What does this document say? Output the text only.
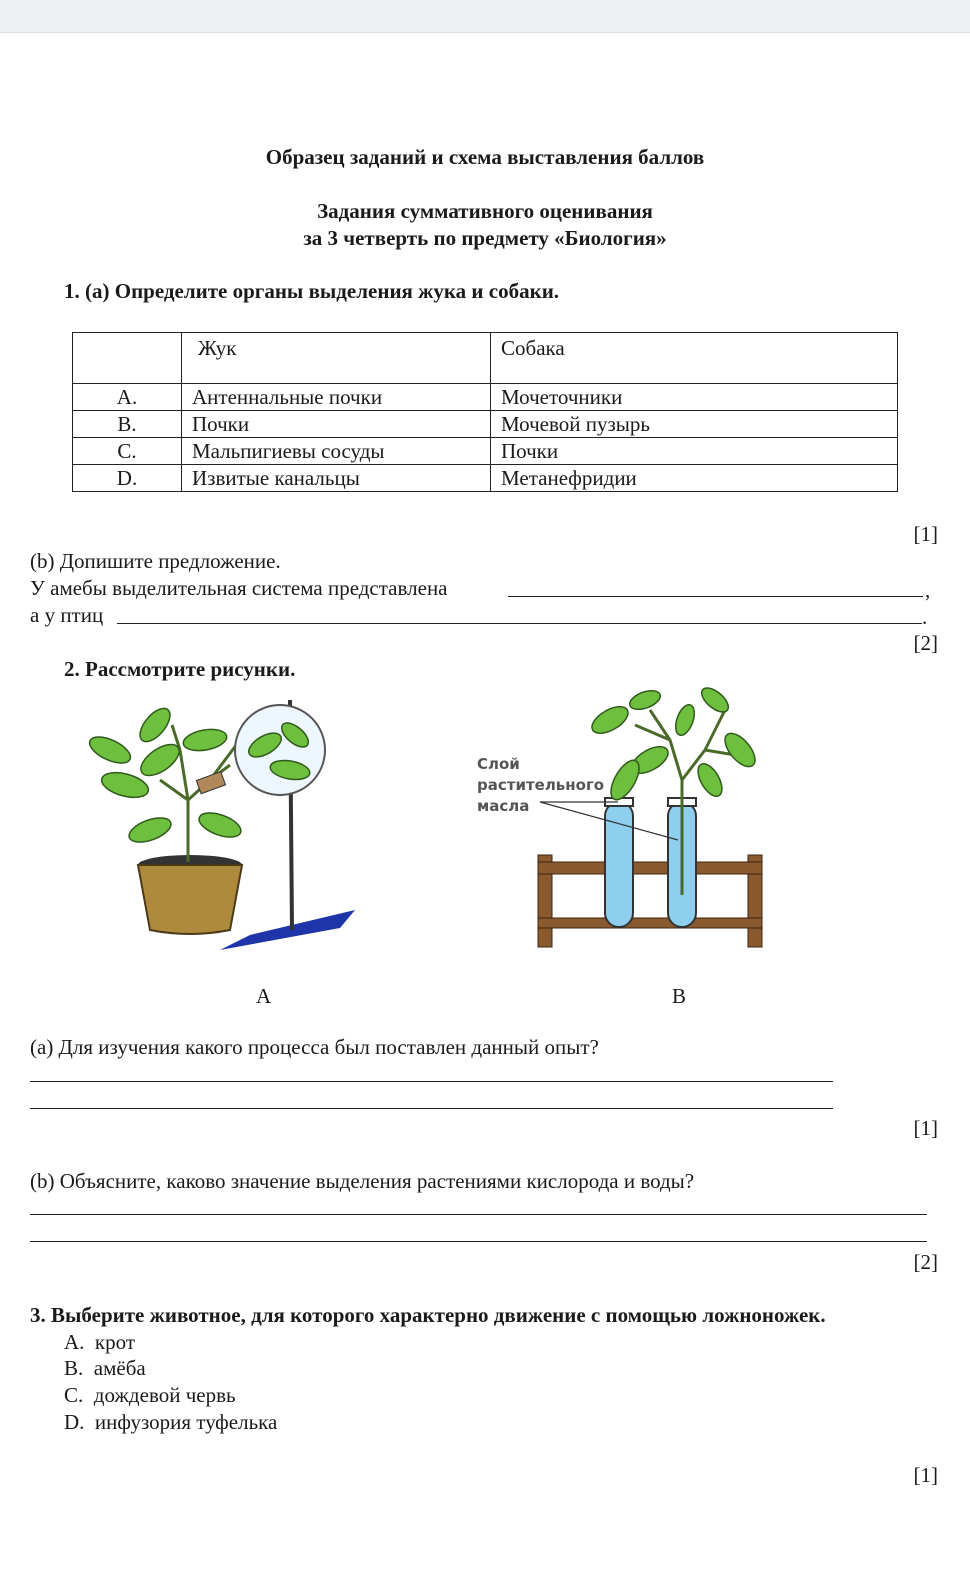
Образец заданий и схема выставления баллов
Задания суммативного оценивания
за 3 четверть по предмету «Биология»
1. (a) Определите органы выделения жука и собаки.
	Жук	Собака
A.	Антеннальные почки	Мочеточники
B.	Почки	Мочевой пузырь
C.	Мальпигиевы сосуды	Почки
D.	Извитые канальцы	Метанефридии
[1]
(b) Допишите предложение.
У амебы выделительная система представлена	,
а у птиц	.
[2]
2. Рассмотрите рисунки.
Слой
растительного
масла
А	В
(a) Для изучения какого процесса был поставлен данный опыт?
[1]
(b) Объясните, каково значение выделения растениями кислорода и воды?
[2]
3. Выберите животное, для которого характерно движение с помощью ложноножек.
A. крот
B. амёба
C. дождевой червь
D. инфузория туфелька
[1]
